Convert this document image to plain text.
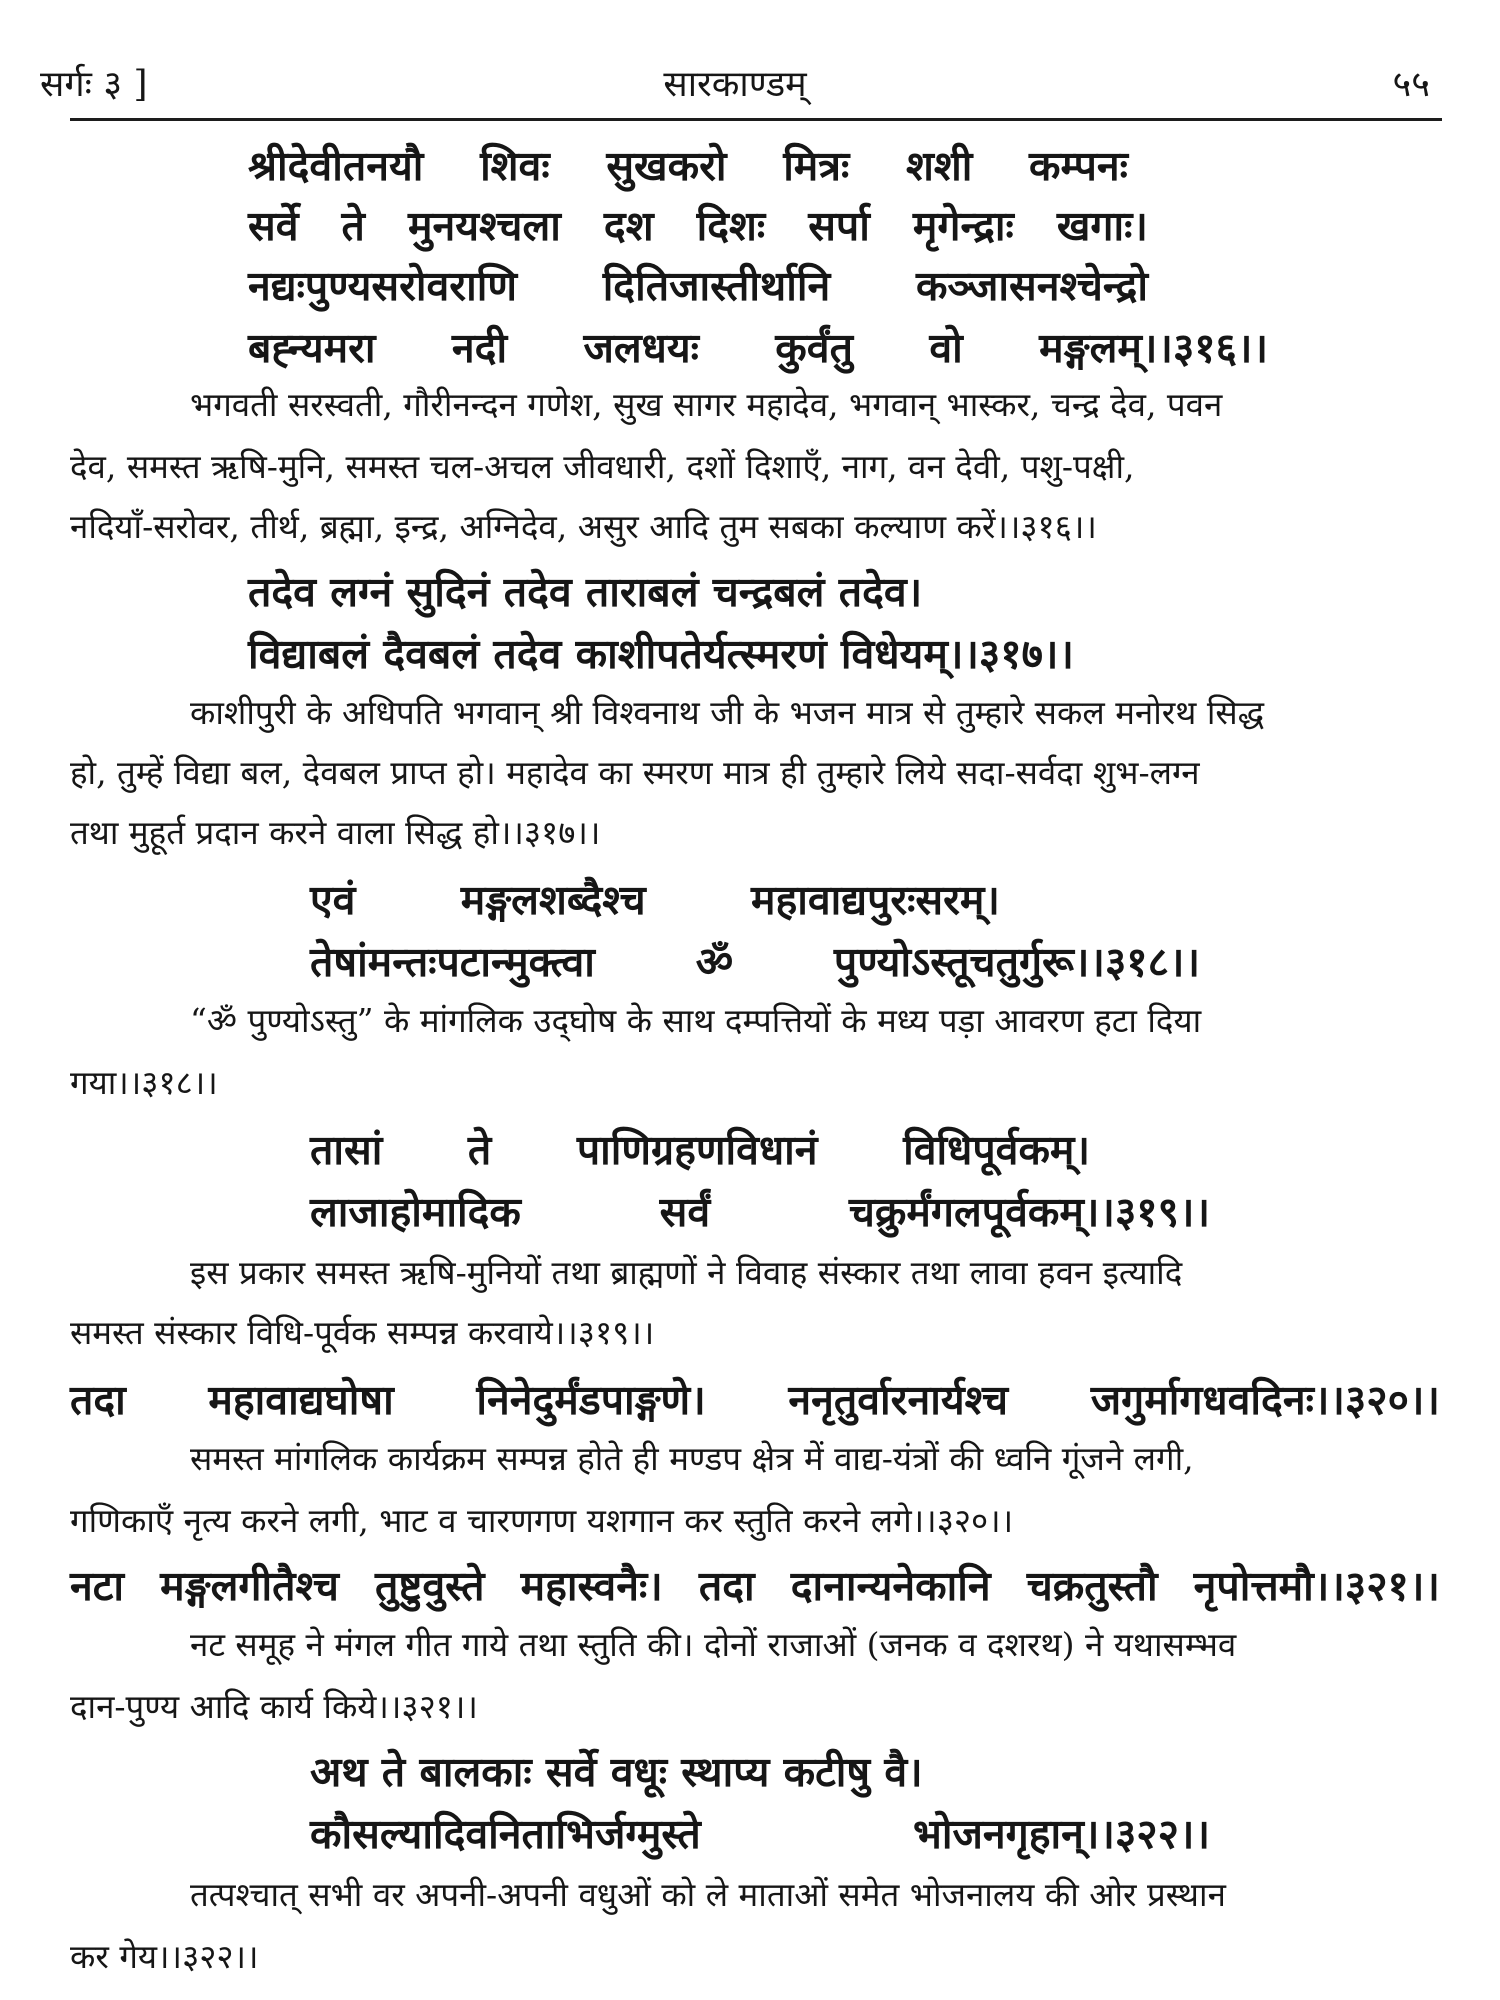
सर्गः ३ ]	सारकाण्डम्	५५
श्रीदेवीतनयौ शिवः सुखकरो मित्रः शशी कम्पनः
सर्वे ते मुनयश्चला दश दिशः सर्पा मृगेन्द्राः खगाः।
नद्यःपुण्यसरोवराणि दितिजास्तीर्थानि कञ्जासनश्चेन्द्रो
बह्न्यमरा नदी जलधयः कुर्वंतु वो मङ्गलम्।।३१६।।
भगवती सरस्वती, गौरीनन्दन गणेश, सुख सागर महादेव, भगवान् भास्कर, चन्द्र देव, पवन
देव, समस्त ऋषि-मुनि, समस्त चल-अचल जीवधारी, दशों दिशाएँ, नाग, वन देवी, पशु-पक्षी,
नदियाँ-सरोवर, तीर्थ, ब्रह्मा, इन्द्र, अग्निदेव, असुर आदि तुम सबका कल्याण करें।।३१६।।
तदेव लग्नं सुदिनं तदेव ताराबलं चन्द्रबलं तदेव।
विद्याबलं दैवबलं तदेव काशीपतेर्यत्स्मरणं विधेयम्।।३१७।।
काशीपुरी के अधिपति भगवान् श्री विश्वनाथ जी के भजन मात्र से तुम्हारे सकल मनोरथ सिद्ध
हो, तुम्हें विद्या बल, देवबल प्राप्त हो। महादेव का स्मरण मात्र ही तुम्हारे लिये सदा-सर्वदा शुभ-लग्न
तथा मुहूर्त प्रदान करने वाला सिद्ध हो।।३१७।।
एवं	मङ्गलशब्दैश्च	महावाद्यपुरःसरम्।
तेषांमन्तःपटान्मुक्त्वा ॐ पुण्योऽस्तूचतुर्गुरू।।३१८।।
“ॐ पुण्योऽस्तु” के मांगलिक उद्‌घोष के साथ दम्पत्तियों के मध्य पड़ा आवरण हटा दिया
गया।।३१८।।
तासां ते पाणिग्रहणविधानं विधिपूर्वकम्।
लाजाहोमादिक	सर्वं	चक्रुर्मंगलपूर्वकम्।।३१९।।
इस प्रकार समस्त ऋषि-मुनियों तथा ब्राह्मणों ने विवाह संस्कार तथा लावा हवन इत्यादि
समस्त संस्कार विधि-पूर्वक सम्पन्न करवाये।।३१९।।
तदा महावाद्यघोषा निनेदुर्मंडपाङ्गणे। ननृतुर्वारनार्यश्च जगुर्मागधवदिनः।।३२०।।
समस्त मांगलिक कार्यक्रम सम्पन्न होते ही मण्डप क्षेत्र में वाद्य-यंत्रों की ध्वनि गूंजने लगी,
गणिकाएँ नृत्य करने लगी, भाट व चारणगण यशगान कर स्तुति करने लगे।।३२०।।
नटा मङ्गलगीतैश्च तुष्टुवुस्ते महास्वनैः। तदा दानान्यनेकानि चक्रतुस्तौ नृपोत्तमौ।।३२१।।
नट समूह ने मंगल गीत गाये तथा स्तुति की। दोनों राजाओं (जनक व दशरथ) ने यथासम्भव
दान-पुण्य आदि कार्य किये।।३२१।।
अथ ते बालकाः सर्वे वधूः स्थाप्य कटीषु वै।
कौसल्यादिवनिताभिर्जग्मुस्ते	भोजनगृहान्।।३२२।।
तत्पश्चात् सभी वर अपनी-अपनी वधुओं को ले माताओं समेत भोजनालय की ओर प्रस्थान
कर गेय।।३२२।।
